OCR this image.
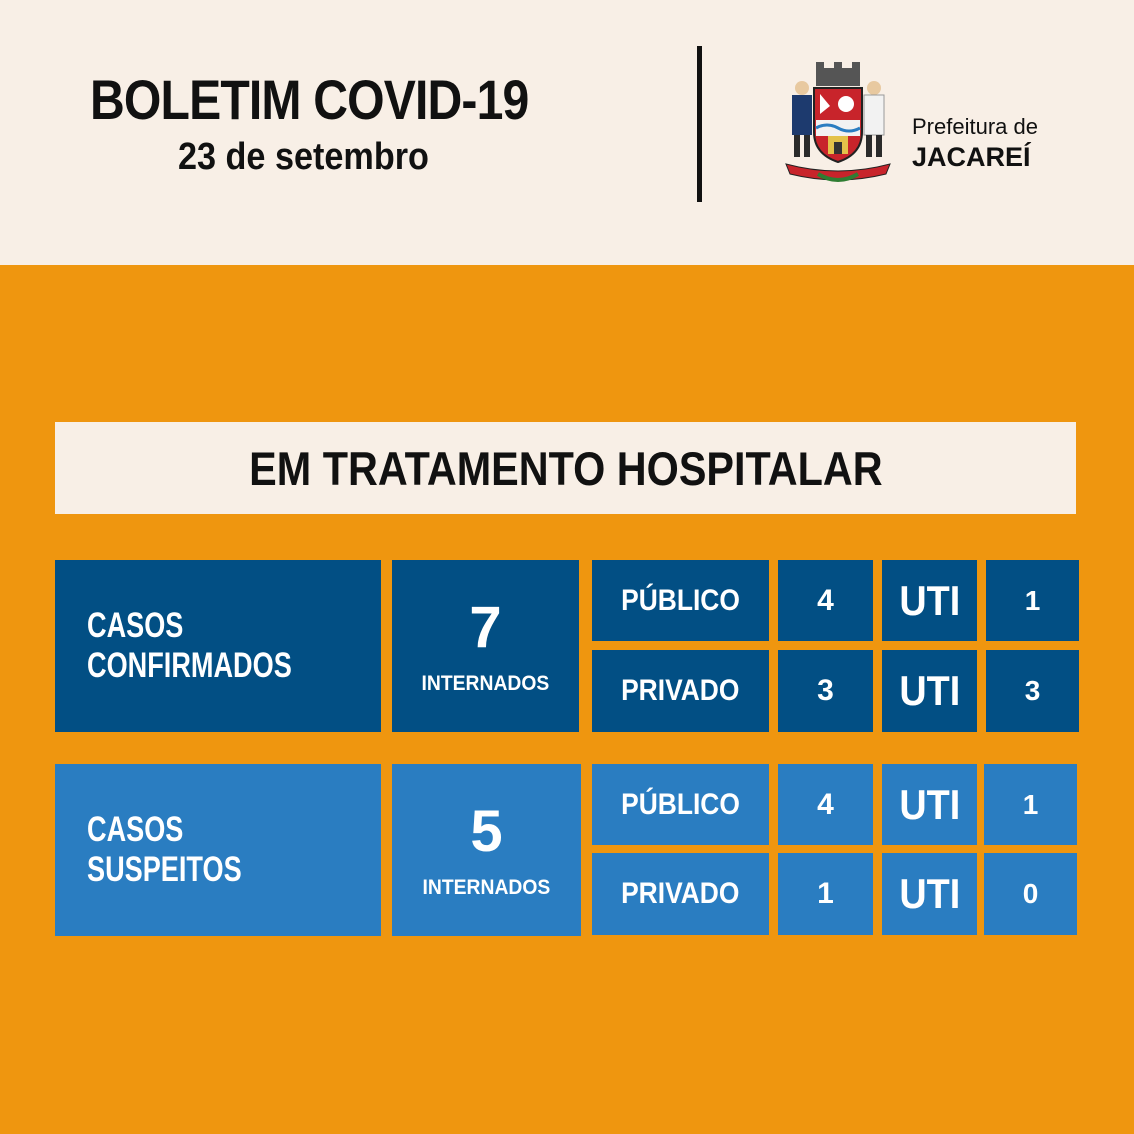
BOLETIM COVID-19
23 de setembro
Prefeitura de
JACAREÍ
EM TRATAMENTO HOSPITALAR
CASOS
CONFIRMADOS
7
INTERNADOS
PÚBLICO	4 UTI 1
PRIVADO	3 UTI 3
CASOS
SUSPEITOS
5
INTERNADOS
PÚBLICO	4 UTI 1
PRIVADO	1 UTI 0
